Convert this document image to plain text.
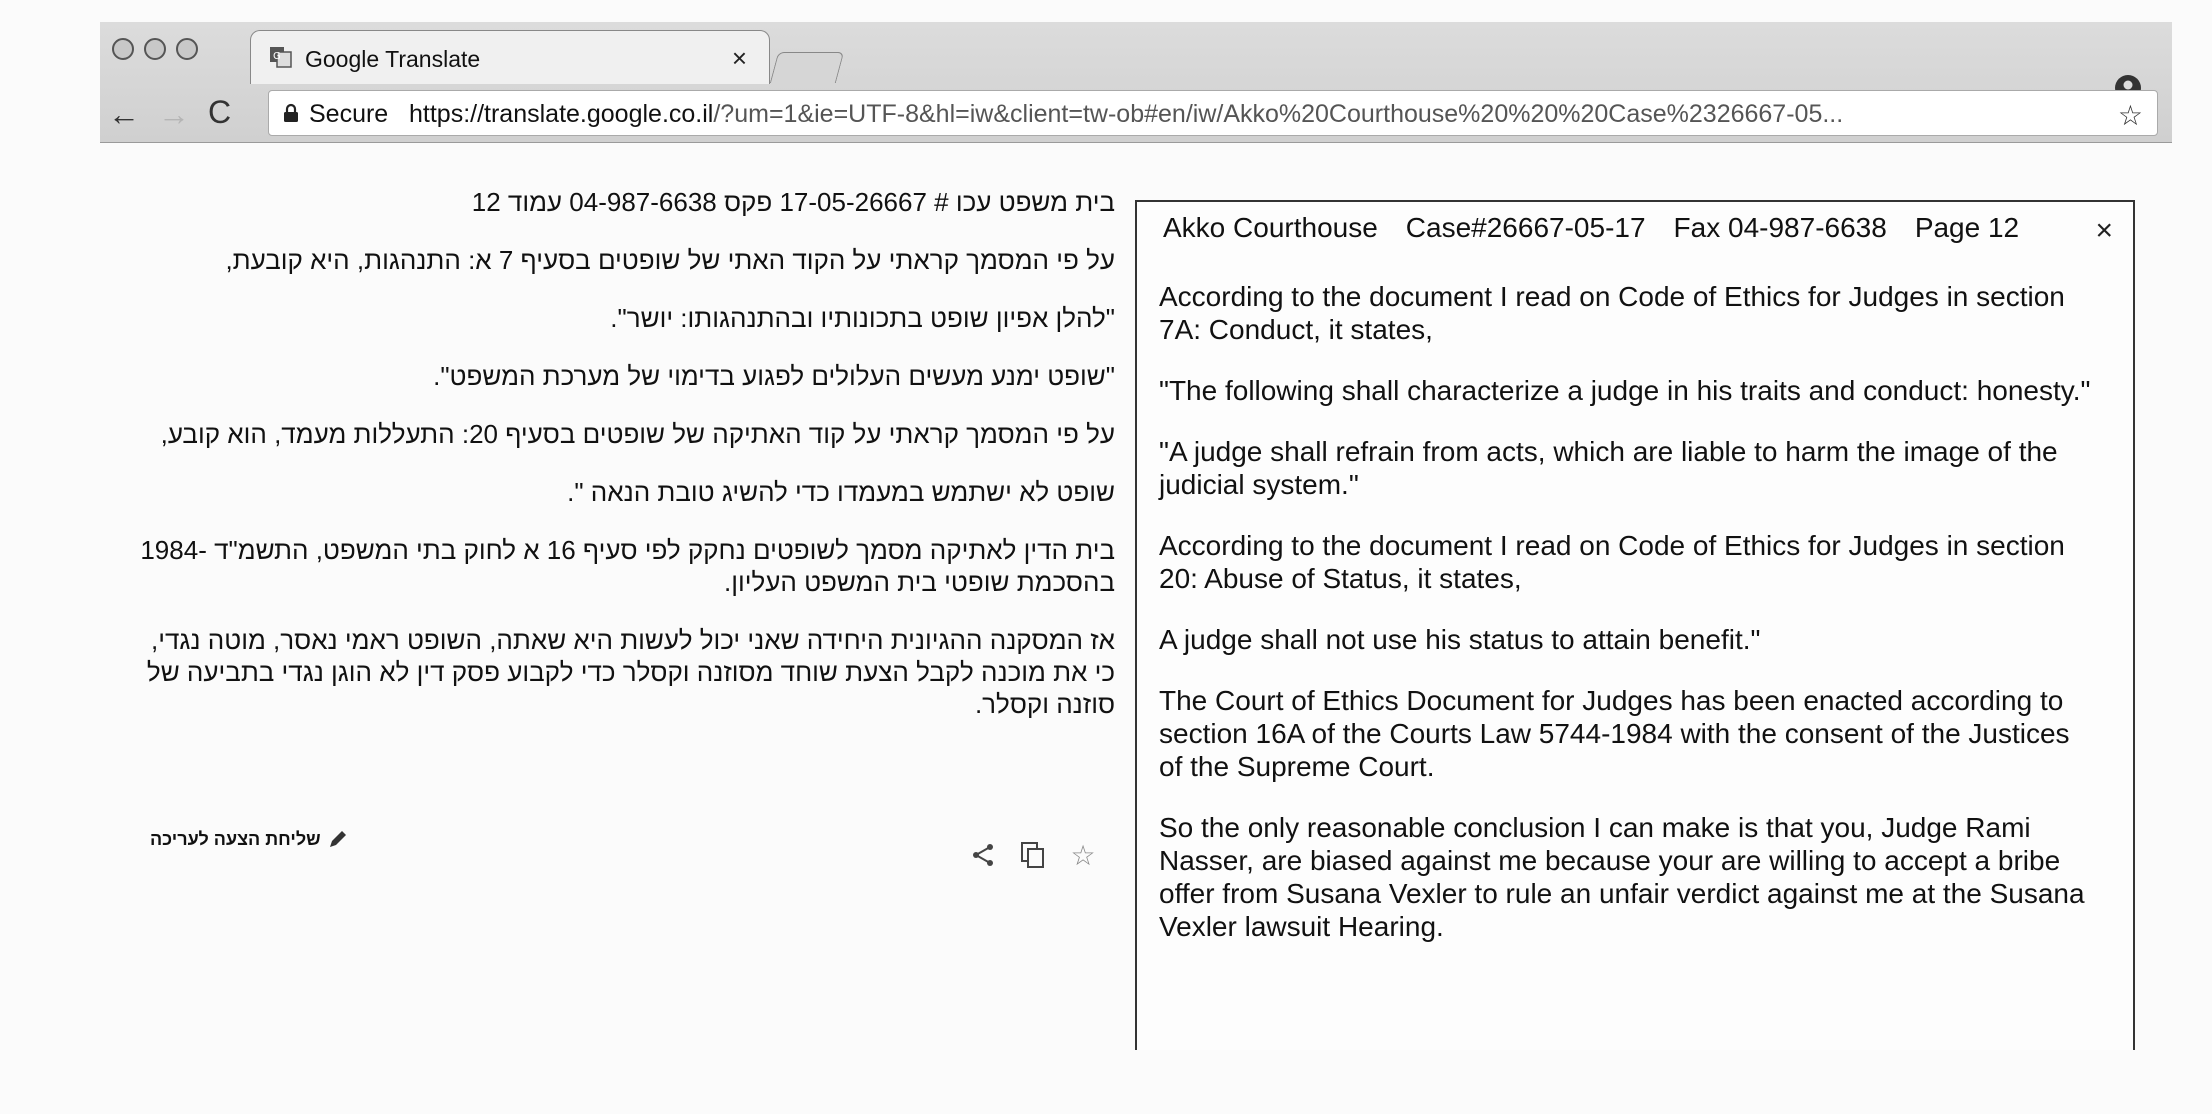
G Google Translate	×
← → C	Secure https://translate.google.co.il/?um=1&ie=UTF-8&hl=iw&client=tw-ob#en/iw/Akko%20Courthouse%20%20%20Case%2326667-05...	☆

בית משפט עכו # 17-05-26667 פקס 04-987-6638 עמוד 12

על פי המסמך קראתי על הקוד האתי של שופטים בסעיף 7 א: התנהגות, היא קובעת,

"להלן אפיון שופט בתכונותיו ובהתנהגותו: יושר".

"שופט ימנע מעשים העלולים לפגוע בדימוי של מערכת המשפט".

על פי המסמך קראתי על קוד האתיקה של שופטים בסעיף 20: התעללות מעמד, הוא קובע,

שופט לא ישתמש במעמדו כדי להשיג טובת הנאה ".

בית הדין לאתיקה מסמך לשופטים נחקק לפי סעיף 16 א לחוק בתי המשפט, התשמ"ד -1984 בהסכמת שופטי בית המשפט העליון.

אז המסקנה ההגיונית היחידה שאני יכול לעשות היא שאתה, השופט ראמי נאסר, מוטה נגדי, כי את מוכנה לקבל הצעת שוחד מסוזנה וקסלר כדי לקבוע פסק דין לא הוגן נגדי בתביעה של סוזנה וקסלר.

☆
שליחת הצעה לעריכה
Akko Courthouse Case#26667-05-17 Fax 04-987-6638 Page 12	×

According to the document I read on Code of Ethics for Judges in section 7A: Conduct, it states,

"The following shall characterize a judge in his traits and conduct: honesty."

"A judge shall refrain from acts, which are liable to harm the image of the judicial system."

According to the document I read on Code of Ethics for Judges in section 20: Abuse of Status, it states,

A judge shall not use his status to attain benefit."

The Court of Ethics Document for Judges has been enacted according to section 16A of the Courts Law 5744-1984 with the consent of the Justices of the Supreme Court.

So the only reasonable conclusion I can make is that you, Judge Rami Nasser, are biased against me because your are willing to accept a bribe offer from Susana Vexler to rule an unfair verdict against me at the Susana Vexler lawsuit Hearing.
